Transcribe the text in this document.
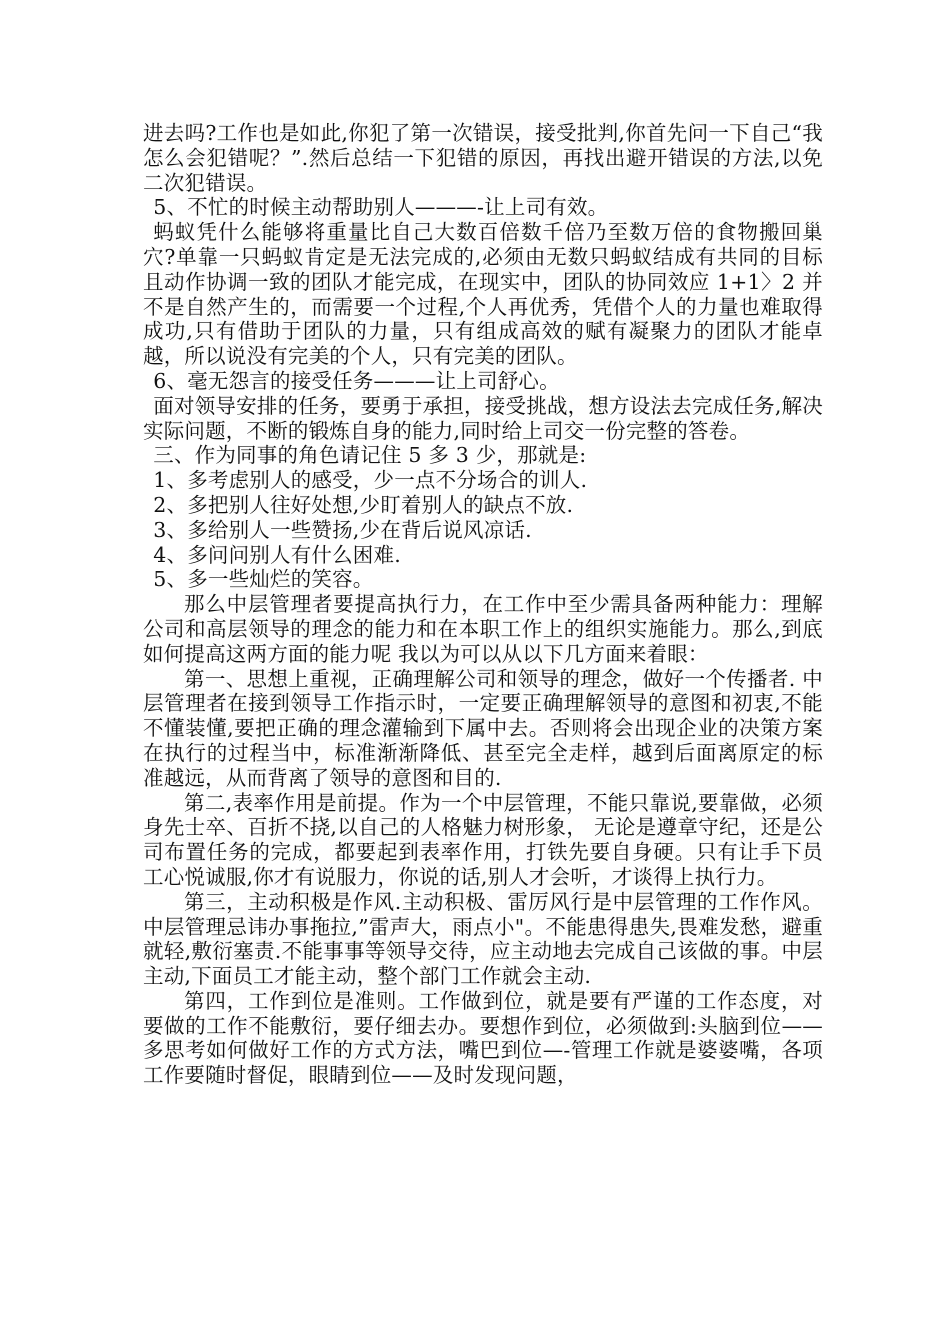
进去吗?工作也是如此,你犯了第一次错误，接受批判,你首先问一下自己“我怎么会犯错呢？”.然后总结一下犯错的原因，再找出避开错误的方法,以免二次犯错误。

5、不忙的时候主动帮助别人———-让上司有效。

蚂蚁凭什么能够将重量比自己大数百倍数千倍乃至数万倍的食物搬回巢穴?单靠一只蚂蚁肯定是无法完成的,必须由无数只蚂蚁结成有共同的目标且动作协调一致的团队才能完成，在现实中，团队的协同效应 1+1〉2 并不是自然产生的，而需要一个过程,个人再优秀，凭借个人的力量也难取得成功,只有借助于团队的力量，只有组成高效的赋有凝聚力的团队才能卓越，所以说没有完美的个人，只有完美的团队。

6、毫无怨言的接受任务———让上司舒心。

面对领导安排的任务，要勇于承担，接受挑战，想方设法去完成任务,解决实际问题，不断的锻炼自身的能力,同时给上司交一份完整的答卷。

三、作为同事的角色请记住 5 多 3 少，那就是:

1、多考虑别人的感受，少一点不分场合的训人.

2、多把别人往好处想,少盯着别人的缺点不放.

3、多给别人一些赞扬,少在背后说风凉话.

4、多问问别人有什么困难.

5、多一些灿烂的笑容。

那么中层管理者要提高执行力，在工作中至少需具备两种能力：理解公司和高层领导的理念的能力和在本职工作上的组织实施能力。那么,到底如何提高这两方面的能力呢 我以为可以从以下几方面来着眼：

第一、思想上重视，正确理解公司和领导的理念，做好一个传播者. 中层管理者在接到领导工作指示时，一定要正确理解领导的意图和初衷,不能不懂装懂,要把正确的理念灌输到下属中去。否则将会出现企业的决策方案在执行的过程当中，标准渐渐降低、甚至完全走样，越到后面离原定的标准越远，从而背离了领导的意图和目的.

第二,表率作用是前提。作为一个中层管理，不能只靠说,要靠做，必须身先士卒、百折不挠,以自己的人格魅力树形象， 无论是遵章守纪，还是公司布置任务的完成，都要起到表率作用，打铁先要自身硬。只有让手下员工心悦诚服,你才有说服力，你说的话,别人才会听，才谈得上执行力。

第三，主动积极是作风.主动积极、雷厉风行是中层管理的工作作风。中层管理忌讳办事拖拉,”雷声大，雨点小"。不能患得患失,畏难发愁，避重就轻,敷衍塞责.不能事事等领导交待，应主动地去完成自己该做的事。中层主动,下面员工才能主动，整个部门工作就会主动.

第四，工作到位是准则。工作做到位，就是要有严谨的工作态度，对要做的工作不能敷衍，要仔细去办。要想作到位，必须做到:头脑到位——多思考如何做好工作的方式方法，嘴巴到位—-管理工作就是婆婆嘴，各项工作要随时督促，眼睛到位——及时发现问题，
